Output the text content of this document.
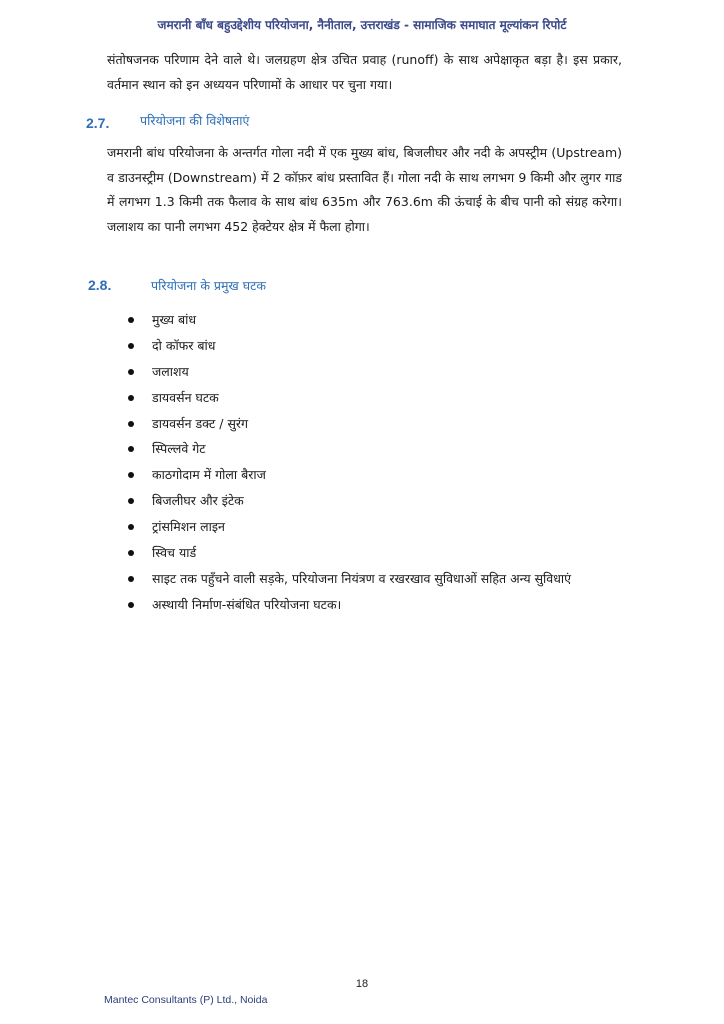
जमरानी बाँध बहुउद्देशीय परियोजना, नैनीताल, उत्तराखंड - सामाजिक समाघात मूल्यांकन रिपोर्ट
संतोषजनक परिणाम देने वाले थे। जलग्रहण क्षेत्र उचित प्रवाह (runoff) के साथ अपेक्षाकृत बड़ा है। इस प्रकार, वर्तमान स्थान को इन अध्ययन परिणामों के आधार पर चुना गया।
2.7. परियोजना की विशेषताएं
जमरानी बांध परियोजना के अन्तर्गत गोला नदी में एक मुख्य बांध, बिजलीघर और नदी के अपस्ट्रीम (Upstream) व डाउनस्ट्रीम (Downstream) में 2 कॉफ़र बांध प्रस्तावित हैं। गोला नदी के साथ लगभग 9 किमी और लुगर गाड में लगभग 1.3 किमी तक फैलाव के साथ बांध 635m और 763.6m की ऊंचाई के बीच पानी को संग्रह करेगा। जलाशय का पानी लगभग 452 हेक्टेयर क्षेत्र में फैला होगा।
2.8.	परियोजना के प्रमुख घटक
मुख्य बांध
दो कॉफर बांध
जलाशय
डायवर्सन घटक
डायवर्सन डक्ट / सुरंग
स्पिल्लवे गेट
काठगोदाम में गोला बैराज
बिजलीघर और इंटेक
ट्रांसमिशन लाइन
स्विच यार्ड
साइट तक पहुँचने वाली सड़के, परियोजना नियंत्रण व रखरखाव सुविधाओं सहित अन्य सुविधाएं
अस्थायी निर्माण-संबंधित परियोजना घटक।
18
Mantec Consultants (P) Ltd., Noida
